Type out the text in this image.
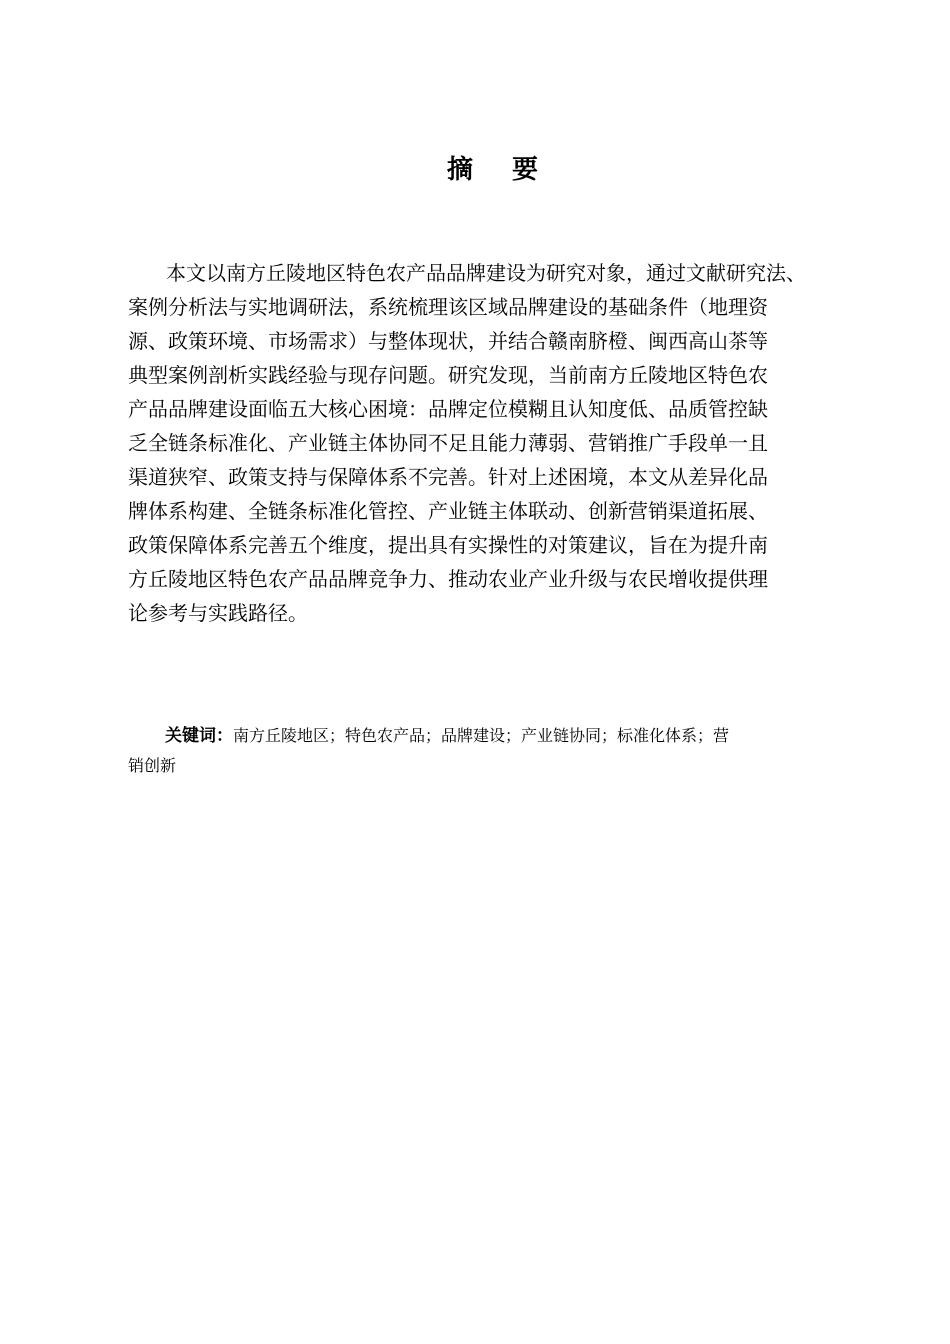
摘 要
本文以南方丘陵地区特色农产品品牌建设为研究对象，通过文献研究法、
案例分析法与实地调研法，系统梳理该区域品牌建设的基础条件（地理资
源、政策环境、市场需求）与整体现状，并结合赣南脐橙、闽西高山茶等
典型案例剖析实践经验与现存问题。研究发现，当前南方丘陵地区特色农
产品品牌建设面临五大核心困境：品牌定位模糊且认知度低、品质管控缺
乏全链条标准化、产业链主体协同不足且能力薄弱、营销推广手段单一且
渠道狭窄、政策支持与保障体系不完善。针对上述困境，本文从差异化品
牌体系构建、全链条标准化管控、产业链主体联动、创新营销渠道拓展、
政策保障体系完善五个维度，提出具有实操性的对策建议，旨在为提升南
方丘陵地区特色农产品品牌竞争力、推动农业产业升级与农民增收提供理
论参考与实践路径。
关键词：南方丘陵地区；特色农产品；品牌建设；产业链协同；标准化体系；营
销创新
